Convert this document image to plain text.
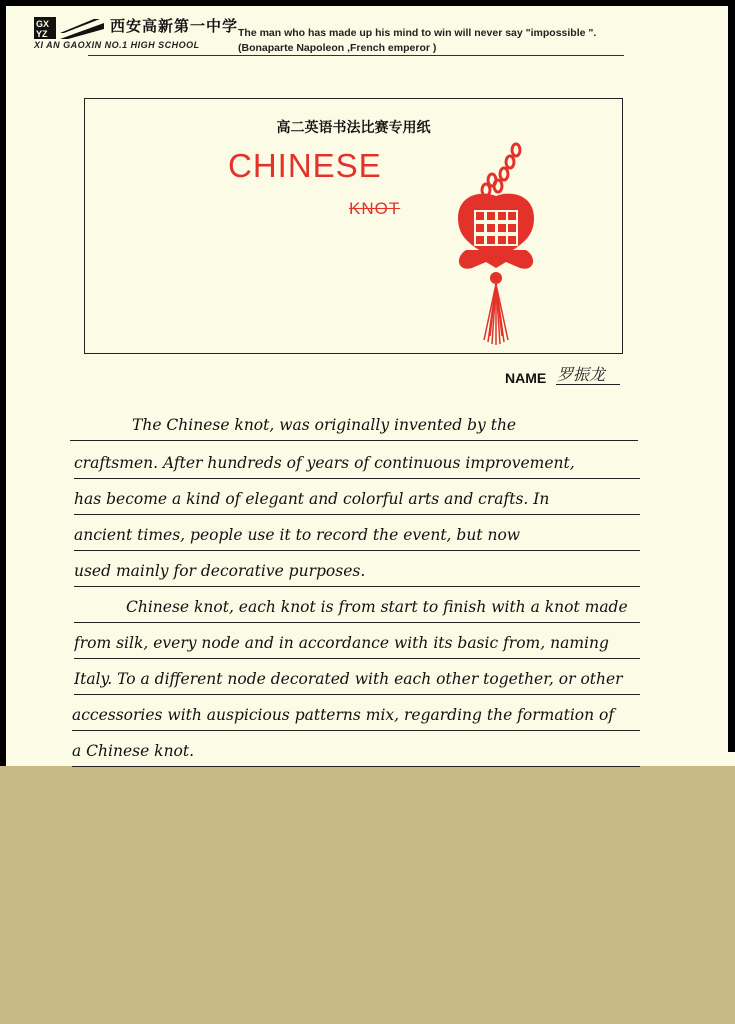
GX
YZ	西安高新第一中学
XI AN GAOXIN NO.1 HIGH SCHOOL
The man who has made up his mind to win will never say "impossible ".
(Bonaparte Napoleon ,French emperor )
高二英语书法比赛专用纸
CHINESE
KNOT
NAME 罗振龙
The Chinese knot, was originally invented by the
craftsmen. After hundreds of years of continuous improvement,
has become a kind of elegant and colorful arts and crafts. In
ancient times, people use it to record the event, but now
used mainly for decorative purposes.
Chinese knot, each knot is from start to finish with a knot made
from silk, every node and in accordance with its basic from, naming
Italy. To a different node decorated with each other together, or other
accessories with auspicious patterns mix, regarding the formation of
a Chinese knot.
